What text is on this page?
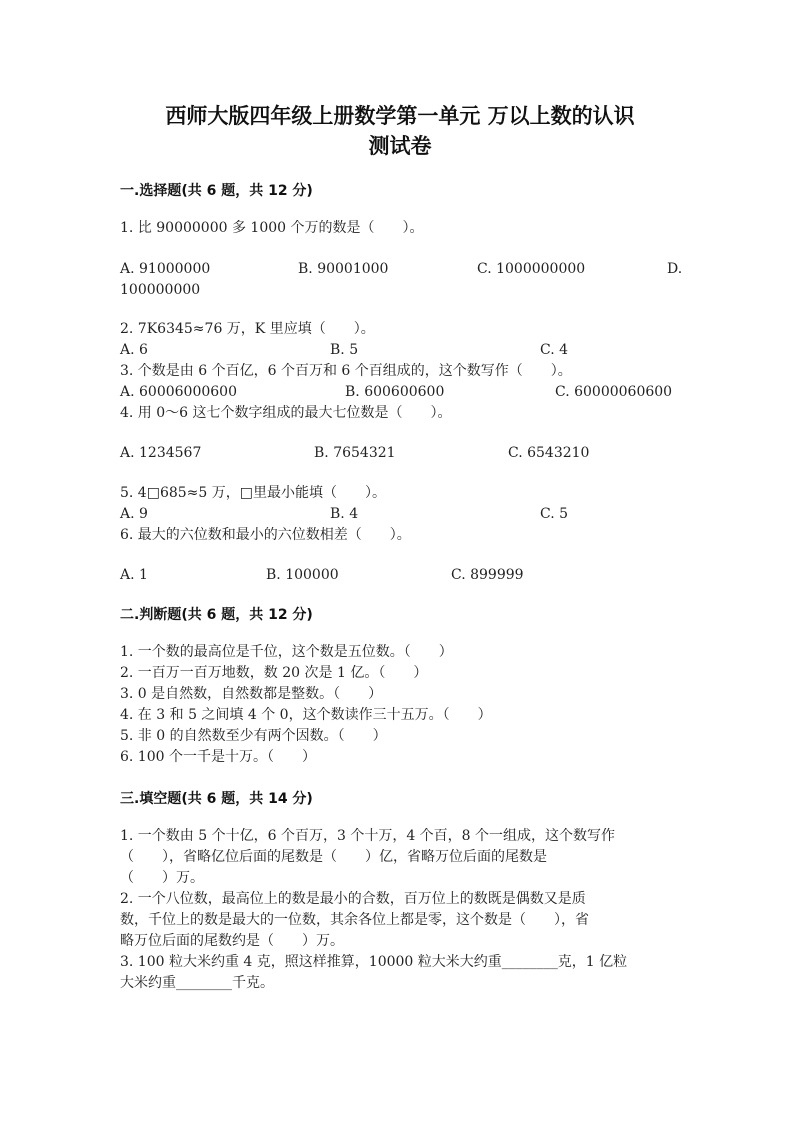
西师大版四年级上册数学第一单元 万以上数的认识
测试卷
一.选择题(共 6 题，共 12 分)
1. 比 90000000 多 1000 个万的数是（　　）。
A. 91000000	B. 90001000	C. 1000000000	D.
100000000
2. 7K6345≈76 万，K 里应填（　　）。
A. 6	B. 5	C. 4
3. 个数是由 6 个百亿，6 个百万和 6 个百组成的，这个数写作（　　）。
A. 60006000600	B. 600600600	C. 60000060600
4. 用 0～6 这七个数字组成的最大七位数是（　　）。
A. 1234567	B. 7654321	C. 6543210
5. 4□685≈5 万，□里最小能填（　　）。
A. 9	B. 4	C. 5
6. 最大的六位数和最小的六位数相差（　　）。
A. 1	B. 100000	C. 899999
二.判断题(共 6 题，共 12 分)
1. 一个数的最高位是千位，这个数是五位数。（　　）
2. 一百万一百万地数，数 20 次是 1 亿。（　　）
3. 0 是自然数，自然数都是整数。（　　）
4. 在 3 和 5 之间填 4 个 0，这个数读作三十五万。（　　）
5. 非 0 的自然数至少有两个因数。（　　）
6. 100 个一千是十万。（　　）
三.填空题(共 6 题，共 14 分)
1. 一个数由 5 个十亿，6 个百万，3 个十万，4 个百，8 个一组成，这个数写作
（　　），省略亿位后面的尾数是（　　）亿，省略万位后面的尾数是
（　　）万。
2. 一个八位数，最高位上的数是最小的合数，百万位上的数既是偶数又是质
数，千位上的数是最大的一位数，其余各位上都是零，这个数是（　　），省
略万位后面的尾数约是（　　）万。
3. 100 粒大米约重 4 克，照这样推算，10000 粒大米大约重________克，1 亿粒
大米约重________千克。
